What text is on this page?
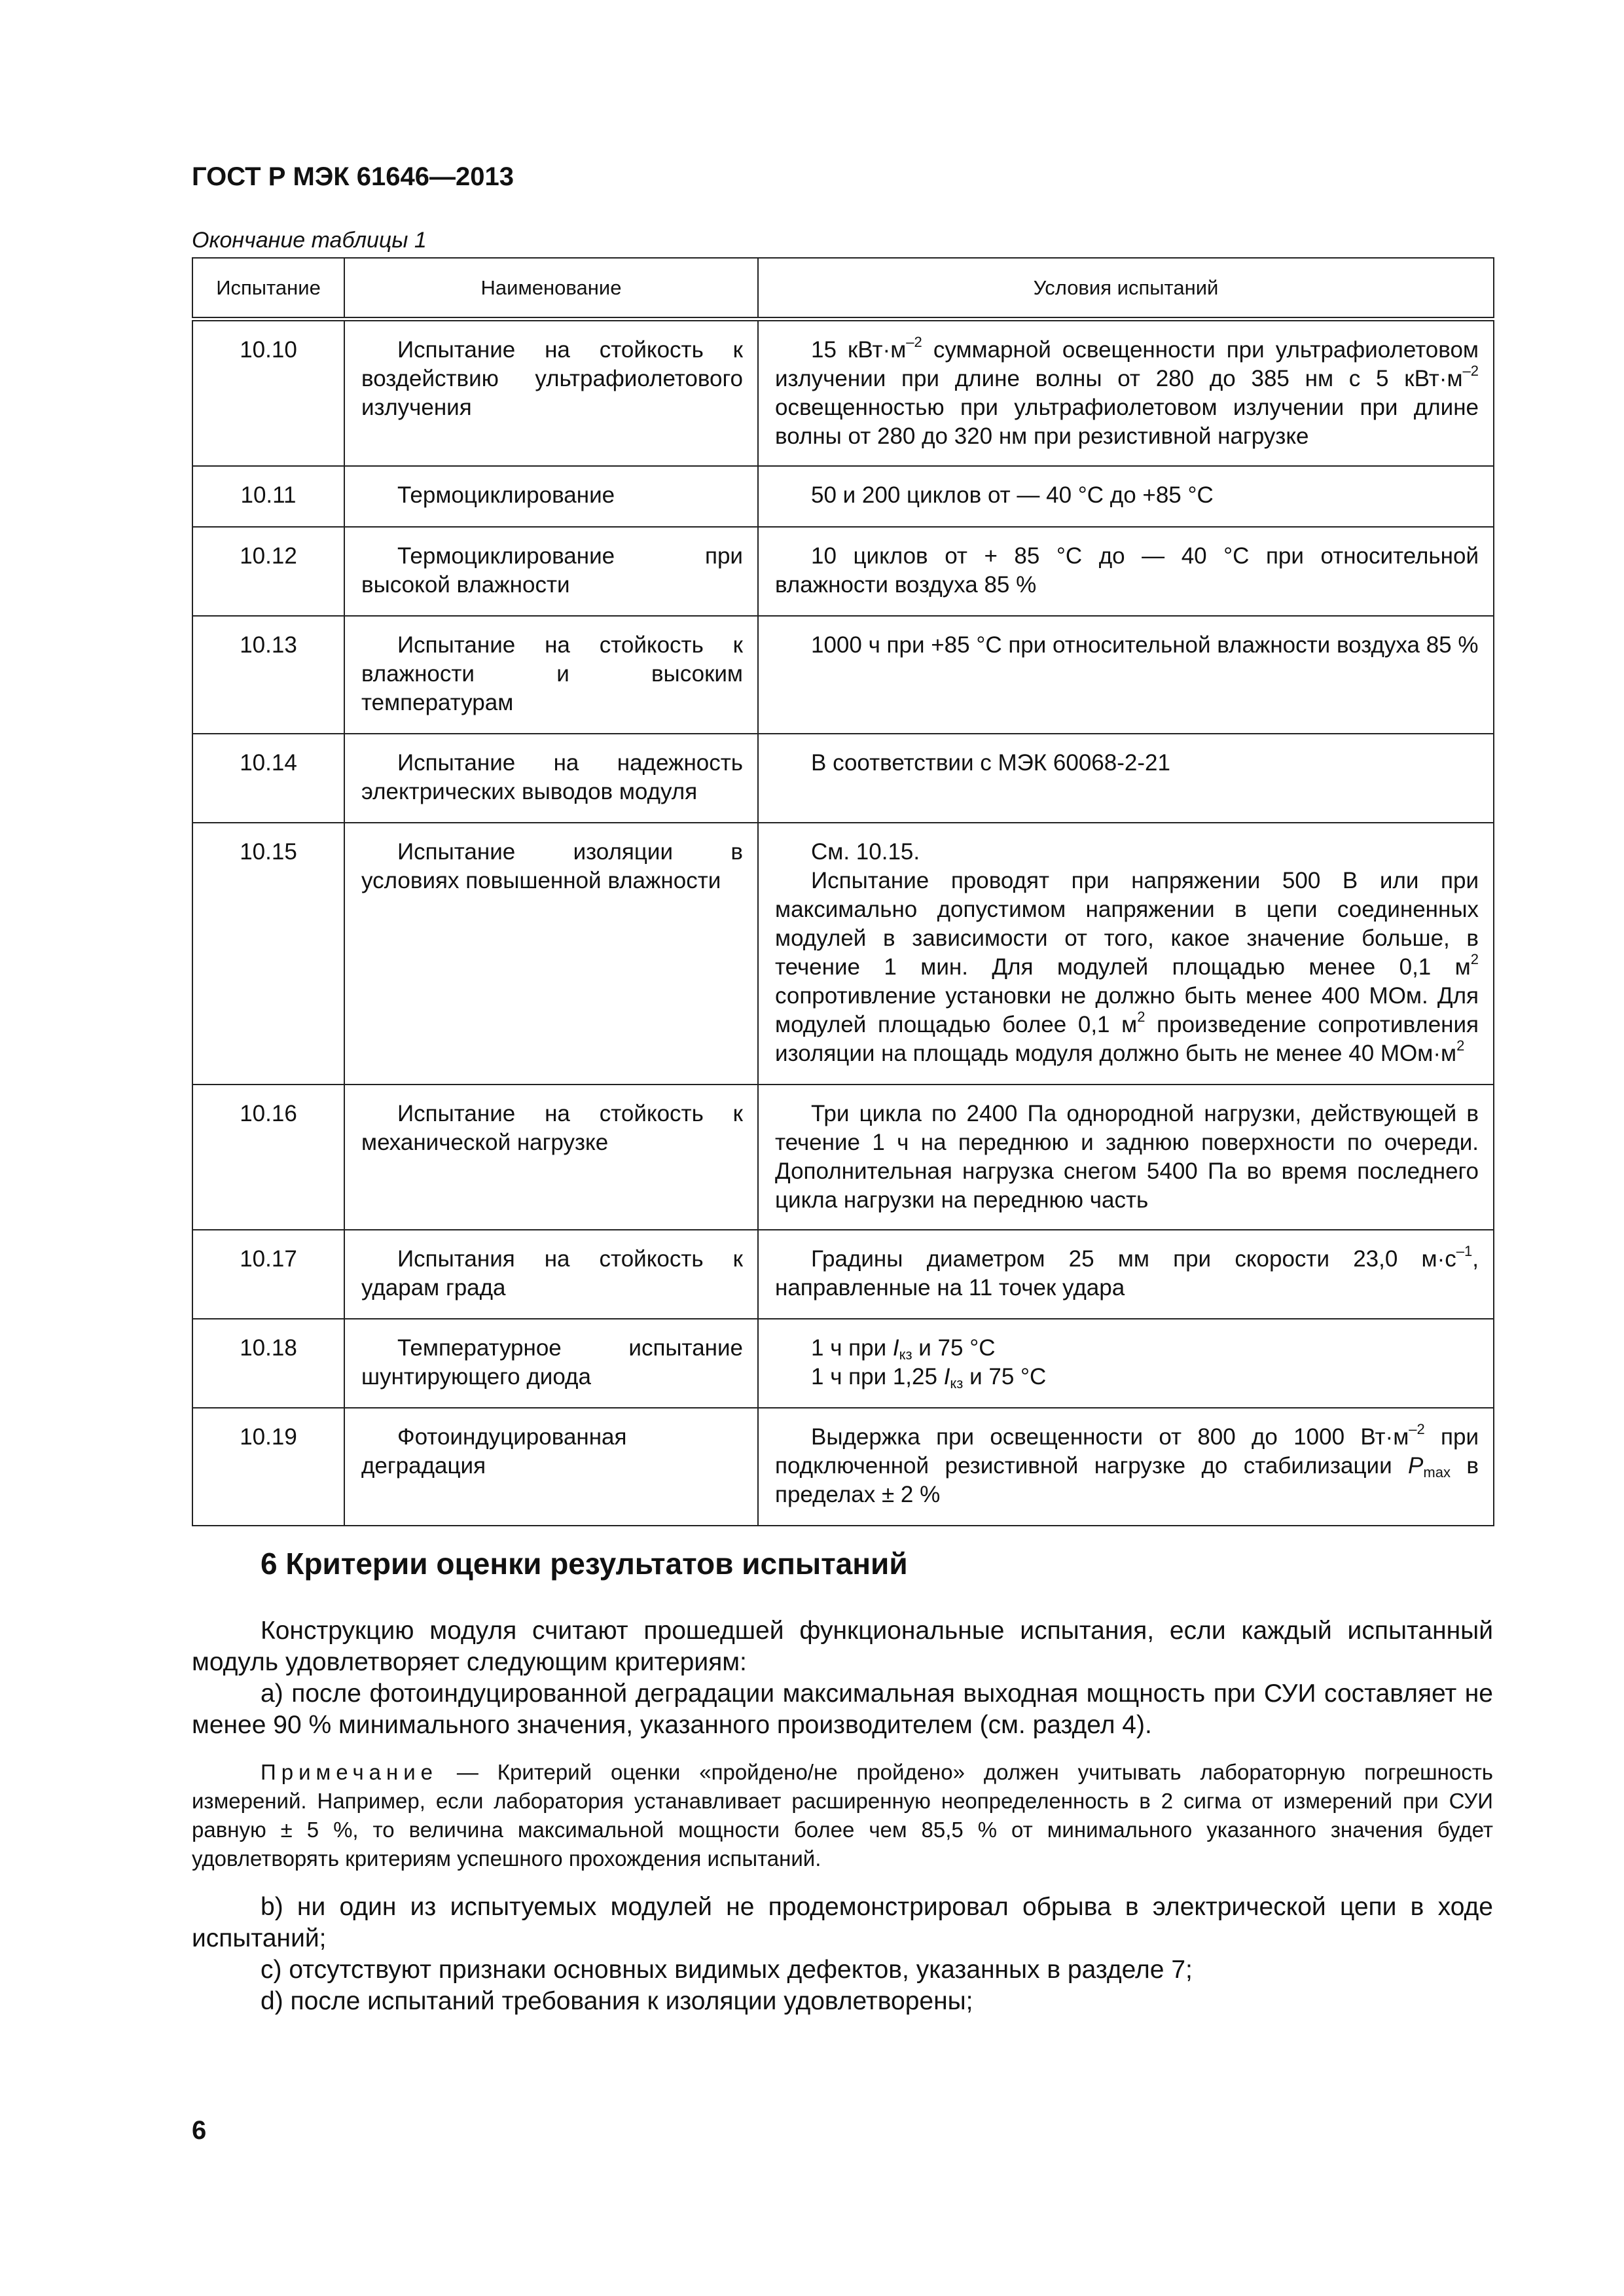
ГОСТ Р МЭК 61646—2013
Окончание таблицы 1
Испытание	Наименование	Условия испытаний
10.10	Испытание на стойкость к воздействию ультрафиолетового излучения	15 $кВт\cdot м^{-2}$ суммарной освещенности при ультрафиолетовом излучении при длине волны от 280 до 385 нм с 5 $кВт\cdot м^{-2}$ освещенностью при ультрафиолетовом излучении при длине волны от 280 до 320 нм при резистивной нагрузке

10.11	Термоциклирование	50 и 200 циклов от — 40 °С до +85 °С

10.12	Термоциклирование при высокой влажности	10 циклов от + 85 °С до — 40 °С при относительной влажности воздуха 85 %

10.13	Испытание на стойкость к влажности и высоким температурам	1000 ч при +85 °С при относительной влажности воздуха 85 %

10.14	Испытание на надежность электрических выводов модуля	В соответствии с МЭК 60068-2-21

10.15	Испытание изоляции в условиях повышенной влажности	См. 10.15.

Испытание проводят при напряжении 500 В или при максимально допустимом напряжении в цепи соединенных модулей в зависимости от того, какое значение больше, в течение 1 мин. Для модулей площадью менее 0,1 $м^2$ сопротивление установки не должно быть менее 400 МОм. Для модулей площадью более 0,1 $м^2$ произведение сопротивления изоляции на площадь модуля должно быть не менее 40 $МОм\cdot м^2$

10.16	Испытание на стойкость к механической нагрузке	Три цикла по 2400 Па однородной нагрузки, действующей в течение 1 ч на переднюю и заднюю поверхности по очереди. Дополнительная нагрузка снегом 5400 Па во время последнего цикла нагрузки на переднюю часть

10.17	Испытания на стойкость к ударам града	Градины диаметром 25 мм при скорости 23,0 $м\cdot с^{-1}$, направленные на 11 точек удара

10.18	Температурное испытание шунтирующего диода	1 ч при $I_{кз}$ и 75 °С

1 ч при 1,25 $I_{кз}$ и 75 °С

10.19	Фотоиндуцированная деградация	Выдержка при освещенности от 800 до 1000 $Вт\cdot м^{-2}$ при подключенной резистивной нагрузке до стабилизации $P_{max}$ в пределах ± 2 %

6 Критерии оценки результатов испытаний

Конструкцию модуля считают прошедшей функциональные испытания, если каждый испытанный модуль удовлетворяет следующим критериям:

a) после фотоиндуцированной деградации максимальная выходная мощность при СУИ составляет не менее 90 % минимального значения, указанного производителем (см. раздел 4).

Примечание — Критерий оценки «пройдено/не пройдено» должен учитывать лабораторную погрешность измерений. Например, если лаборатория устанавливает расширенную неопределенность в 2 сигма от измерений при СУИ равную ± 5 %, то величина максимальной мощности более чем 85,5 % от минимального указанного значения будет удовлетворять критериям успешного прохождения испытаний.

b) ни один из испытуемых модулей не продемонстрировал обрыва в электрической цепи в ходе испытаний;

c) отсутствуют признаки основных видимых дефектов, указанных в разделе 7;

d) после испытаний требования к изоляции удовлетворены;

6
